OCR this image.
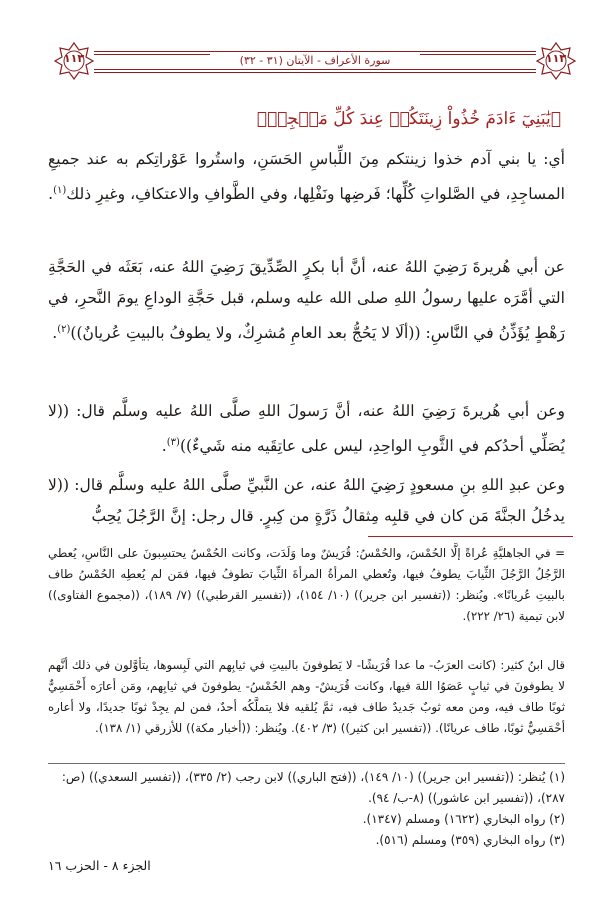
١١٣	سورة الأعراف - الآيتان (٣١ - ٣٢)	١١٣
﴿يَٰبَنِيٓ ءَادَمَ خُذُواْ زِينَتَكُمۡ عِندَ كُلِّ مَسۡجِدٖ﴾
أي: يا بني آدم خذوا زينتكم مِنَ اللِّباسِ الحَسَنِ، واستُروا عَوْراتِكم به عند جميعِ المساجِدِ، في الصَّلواتِ كُلِّها؛ فَرضِها ونَفْلِها، وفي الطَّوافِ والاعتكافِ، وغيرِ ذلك$^{(١)}$.
عن أبي هُريرةَ رَضِيَ اللهُ عنه، أنَّ أبا بكرٍ الصِّدِّيقَ رَضِيَ اللهُ عنه، بَعَثَه في الحَجَّةِ التي أمَّرَه عليها رسولُ اللهِ صلى الله عليه وسلم، قبل حَجَّةِ الوداعِ يومَ النَّحرِ، في رَهْطٍ يُؤَذِّنُ في النَّاسِ: ((ألَا لا يَحُجُّ بعد العامِ مُشرِكٌ، ولا يطوفُ بالبيتِ عُريانٌ))$^{(٢)}$.
وعن أبي هُريرةَ رَضِيَ اللهُ عنه، أنَّ رَسولَ اللهِ صلَّى اللهُ عليه وسلَّم قال: ((لا يُصَلِّي أحدُكم في الثَّوبِ الواحِدِ، ليس على عاتِقَيه منه شَيءٌ))$^{(٣)}$.
وعن عبدِ اللهِ بنِ مسعودٍ رَضِيَ اللهُ عنه، عن النَّبيِّ صلَّى اللهُ عليه وسلَّم قال: ((لا يدخُلُ الجنَّةَ مَن كان في قلبِه مِثقالُ ذَرَّةٍ من كِبرٍ. قال رجل: إنَّ الرَّجُلَ يُحِبُّ
= في الجاهليَّةِ عُراةً إلَّا الحُمْسَ، والحُمْسُ: قُرَيشٌ وما وَلَدَت، وكانت الحُمْسُ يحتسِبونَ على النَّاسِ، يُعطي الرَّجُلُ الرَّجُلَ الثِّيابَ يطوفُ فيها، وتُعطي المرأةُ المرأةَ الثِّيابَ تطوفُ فيها، فمَن لم يُعطِه الحُمْسُ طاف بالبيتِ عُريانًا». ويُنظر: ((تفسير ابن جرير)) (١٠/ ١٥٤)، ((تفسير القرطبي)) (٧/ ١٨٩)، ((مجموع الفتاوى)) لابن تيمية (٢٦/ ٢٢٢).
قال ابنُ كثير: (كانت العرَبُ- ما عدا قُرَيشًا- لا يَطوفونَ بالبيتِ في ثيابِهم التي لَبِسوها، يتأوَّلون في ذلك أنَّهم لا يطوفونَ في ثيابٍ عَصَوُا اللهَ فيها، وكانت قُرَيشٌ- وهم الحُمْسُ- يطوفونَ في ثيابِهم، ومَن أعارَه أَحْمَسِيٌّ ثوبًا طاف فيه، ومن معه ثوبٌ جَديدٌ طاف فيه، ثمَّ يُلقيه فلا يتملَّكُه أحدٌ، فمن لم يجِدْ ثوبًا جديدًا، ولا أعاره أحْمَسِيٌّ ثوبًا، طاف عريانًا). ((تفسير ابن كثير)) (٣/ ٤٠٢). ويُنظر: ((أخبار مكة)) للأزرقي (١/ ١٣٨).
(١) يُنظر: ((تفسير ابن جرير)) (١٠/ ١٤٩)، ((فتح الباري)) لابن رجب (٢/ ٣٣٥)، ((تفسير السعدي)) (ص: ٢٨٧)، ((تفسير ابن عاشور)) (٨-ب/ ٩٤).
(٢) رواه البخاري (١٦٢٢) ومسلم (١٣٤٧).
(٣) رواه البخاري (٣٥٩) ومسلم (٥١٦).
الجزء ٨ - الحزب ١٦
